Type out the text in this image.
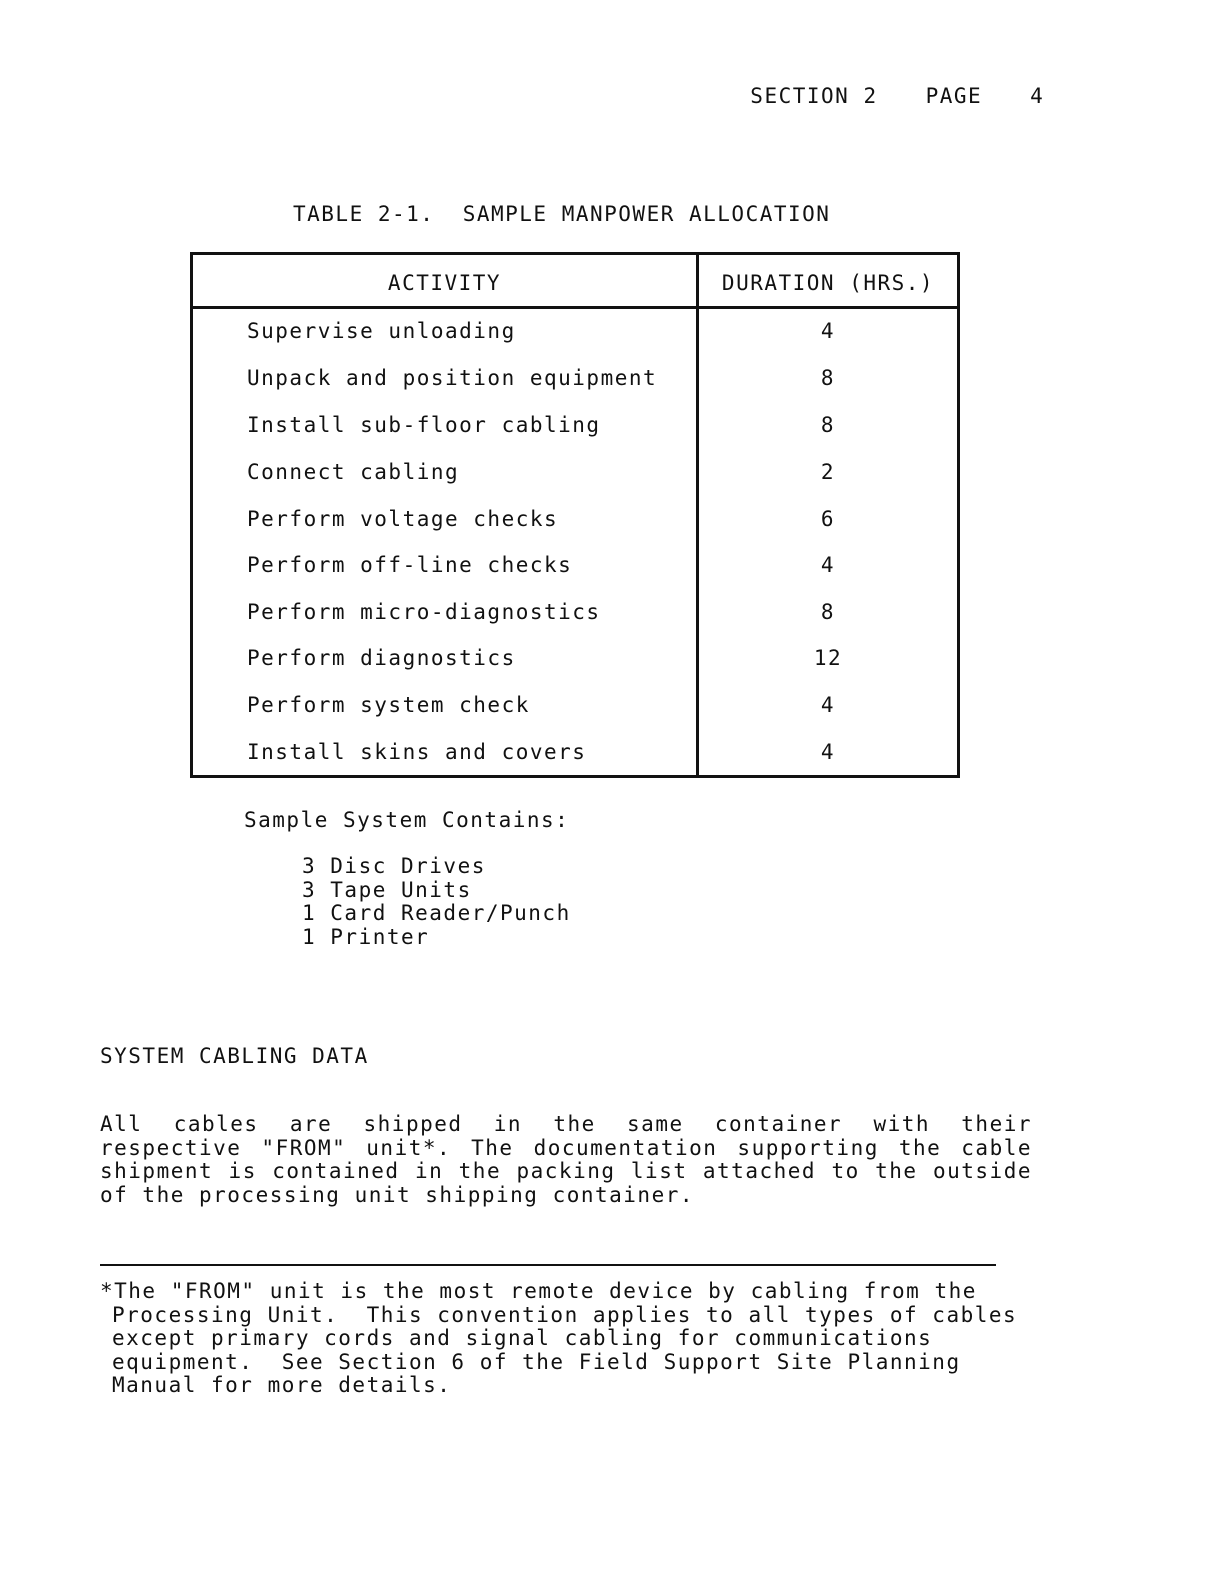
SECTION 2 PAGE 4

TABLE 2-1.  SAMPLE MANPOWER ALLOCATION
ACTIVITY	DURATION (HRS.)
Supervise unloading	4
Unpack and position equipment	8
Install sub-floor cabling	8
Connect cabling	2
Perform voltage checks	6
Perform off-line checks	4
Perform micro-diagnostics	8
Perform diagnostics	12
Perform system check	4
Install skins and covers	4
Sample System Contains:
3 Disc Drives
3 Tape Units
1 Card Reader/Punch
1 Printer
SYSTEM CABLING DATA
All cables are shipped in the same container with their
respective "FROM" unit*. The documentation supporting the cable
shipment is contained in the packing list attached to the outside
of the processing unit shipping container.
*The "FROM" unit is the most remote device by cabling from the
Processing Unit.  This convention applies to all types of cables
except primary cords and signal cabling for communications
equipment.  See Section 6 of the Field Support Site Planning
Manual for more details.
